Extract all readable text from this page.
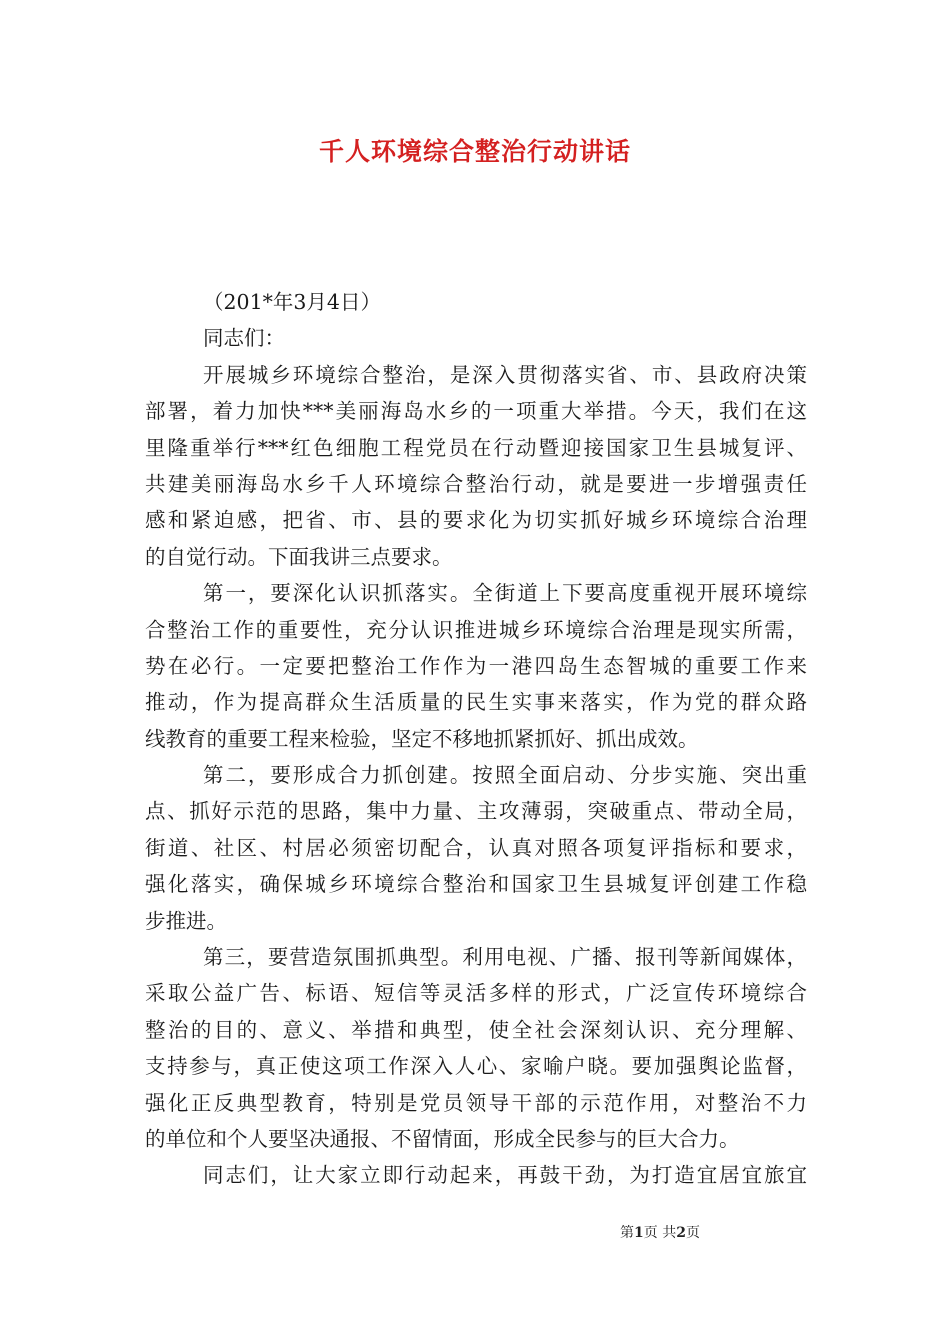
千人环境综合整治行动讲话

（201*年3月4日）

同志们：

开展城乡环境综合整治，是深入贯彻落实省、市、县政府决策

部署，着力加快***美丽海岛水乡的一项重大举措。今天，我们在这

里隆重举行***红色细胞工程党员在行动暨迎接国家卫生县城复评、

共建美丽海岛水乡千人环境综合整治行动，就是要进一步增强责任

感和紧迫感，把省、市、县的要求化为切实抓好城乡环境综合治理

的自觉行动。下面我讲三点要求。

第一，要深化认识抓落实。全街道上下要高度重视开展环境综

合整治工作的重要性，充分认识推进城乡环境综合治理是现实所需，

势在必行。一定要把整治工作作为一港四岛生态智城的重要工作来

推动，作为提高群众生活质量的民生实事来落实，作为党的群众路

线教育的重要工程来检验，坚定不移地抓紧抓好、抓出成效。

第二，要形成合力抓创建。按照全面启动、分步实施、突出重

点、抓好示范的思路，集中力量、主攻薄弱，突破重点、带动全局，

街道、社区、村居必须密切配合，认真对照各项复评指标和要求，

强化落实，确保城乡环境综合整治和国家卫生县城复评创建工作稳

步推进。

第三，要营造氛围抓典型。利用电视、广播、报刊等新闻媒体，

采取公益广告、标语、短信等灵活多样的形式，广泛宣传环境综合

整治的目的、意义、举措和典型，使全社会深刻认识、充分理解、

支持参与，真正使这项工作深入人心、家喻户晓。要加强舆论监督，

强化正反典型教育，特别是党员领导干部的示范作用，对整治不力

的单位和个人要坚决通报、不留情面，形成全民参与的巨大合力。

同志们，让大家立即行动起来，再鼓干劲，为打造宜居宜旅宜

第1页 共2页
